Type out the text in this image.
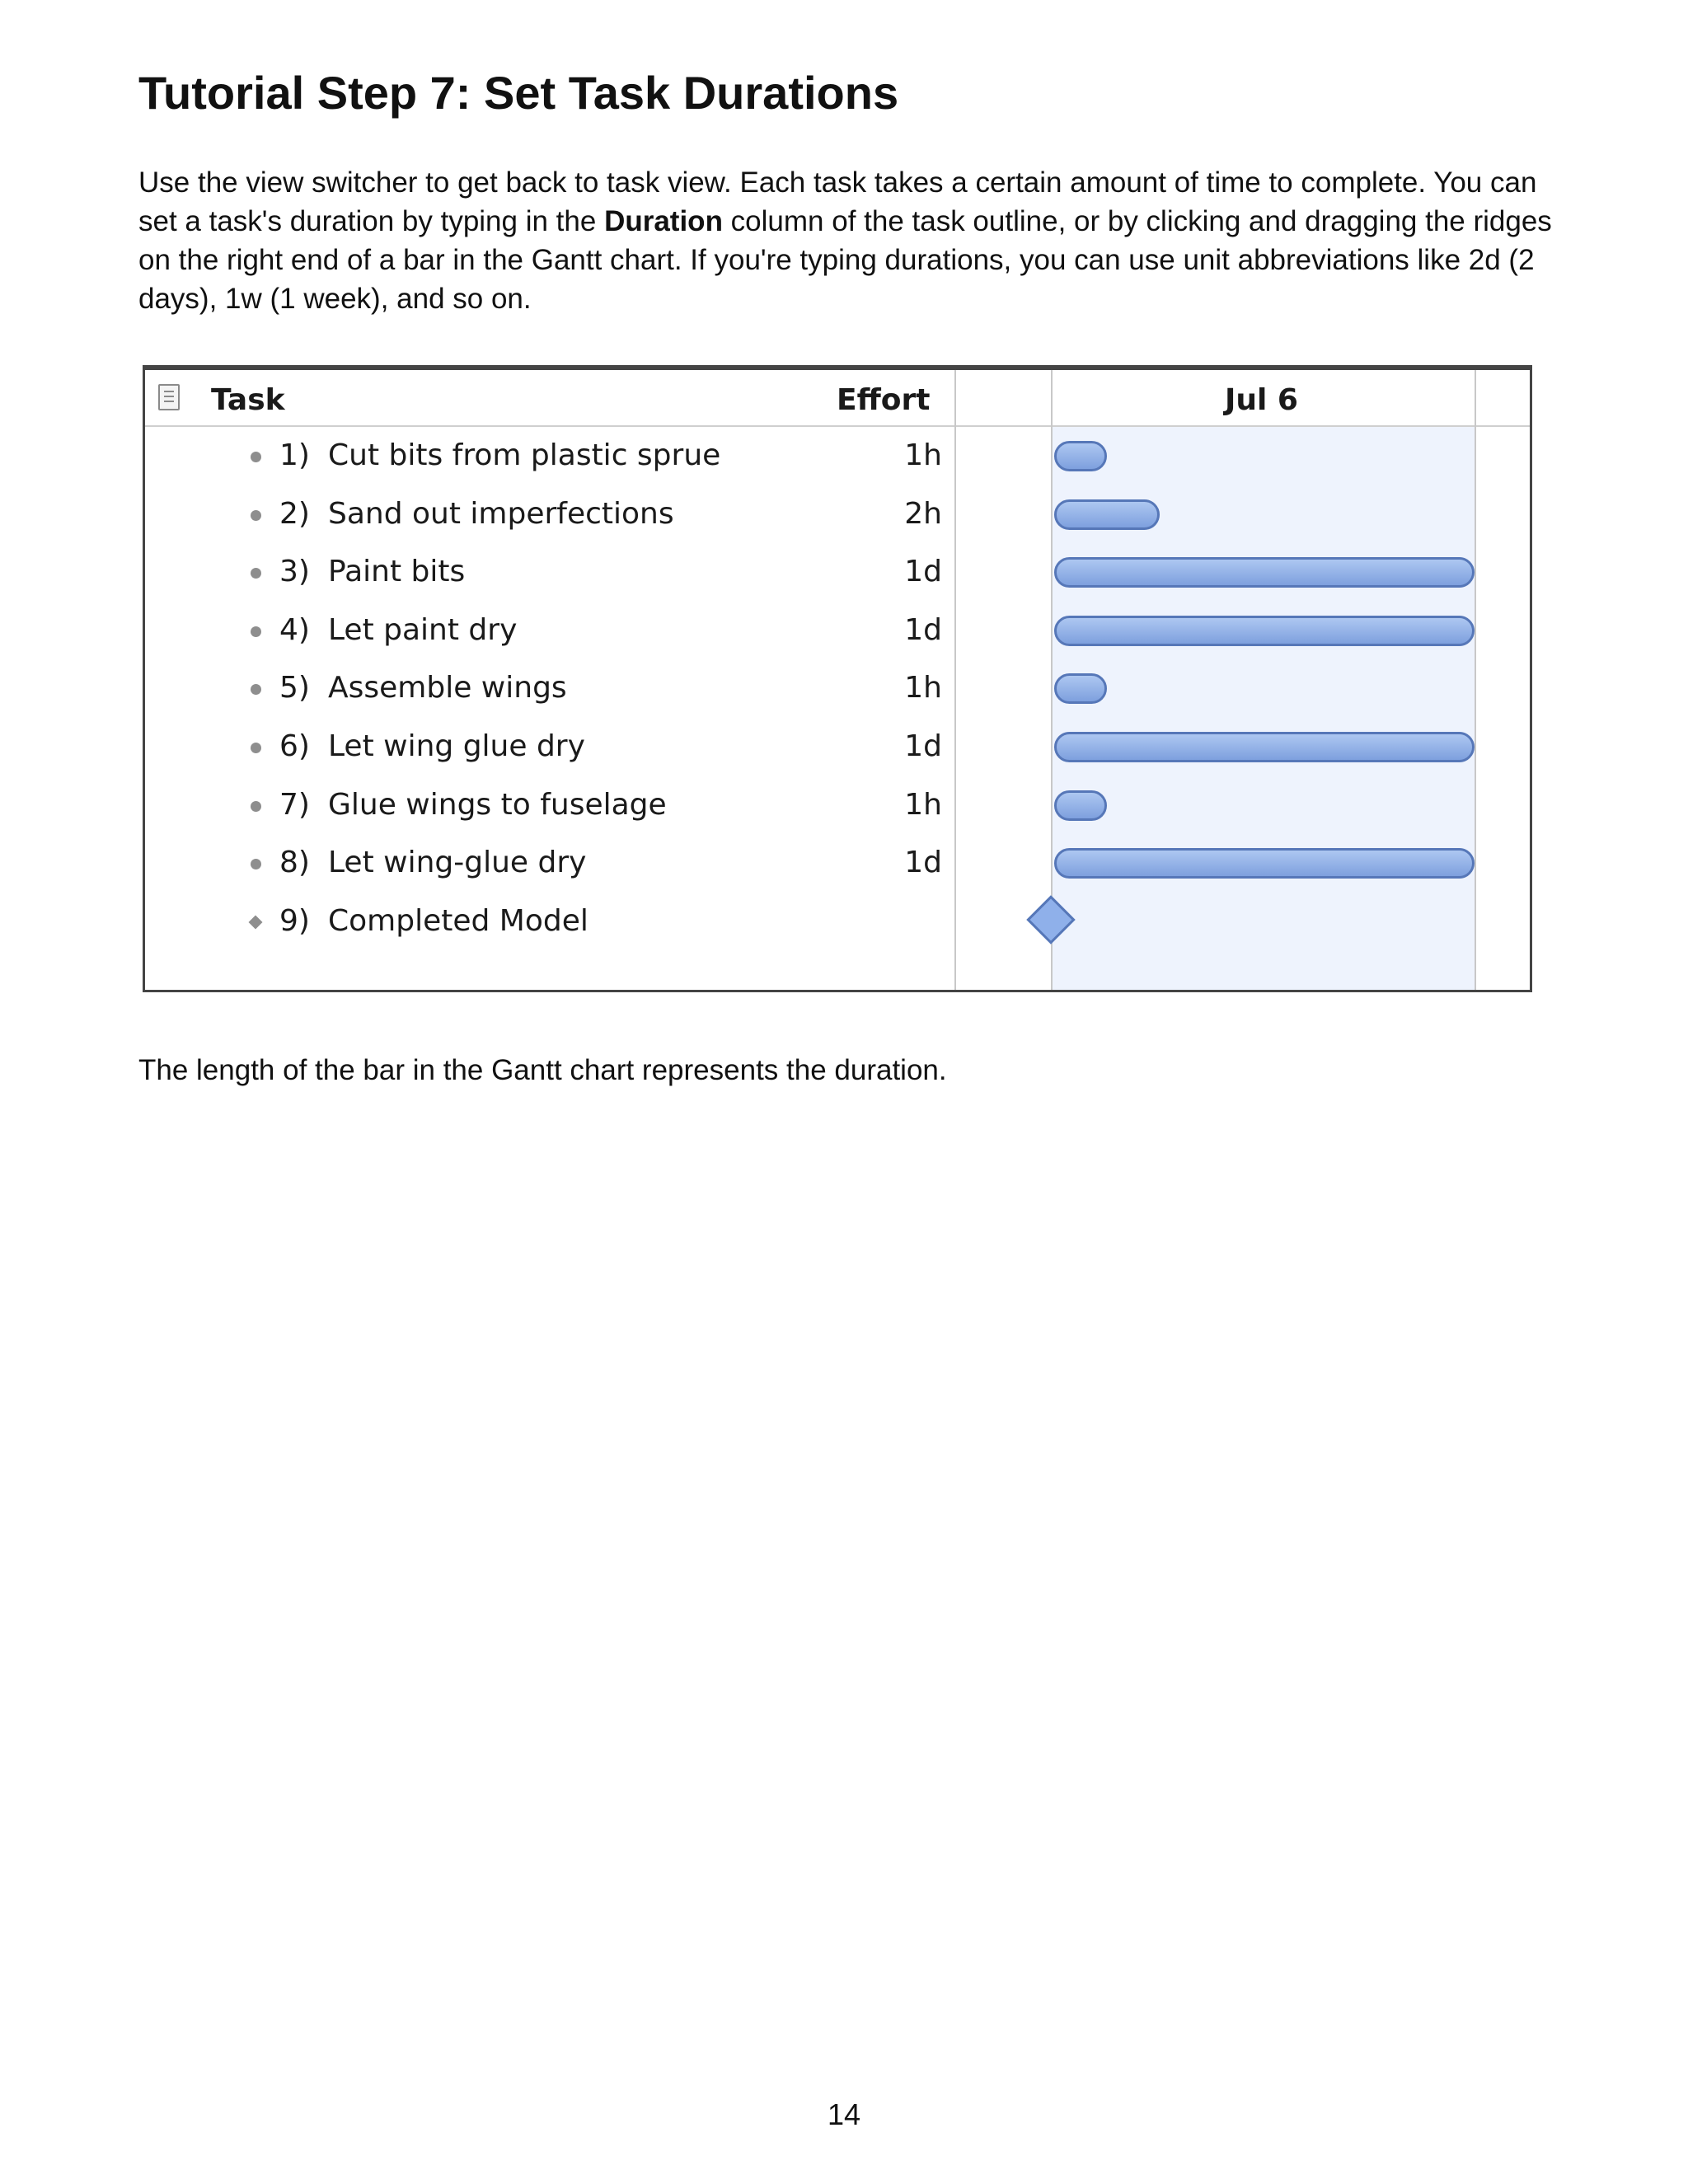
Tutorial Step 7: Set Task Durations

Use the view switcher to get back to task view. Each task takes a certain amount of time to complete. You can set a task's duration by typing in the Duration column of the task outline, or by clicking and dragging the ridges on the right end of a bar in the Gantt chart. If you're typing durations, you can use unit abbreviations like 2d (2 days), 1w (1 week), and so on.

Task	Effort	Jul 6
1) Cut bits from plastic sprue	1h
2) Sand out imperfections	2h
3) Paint bits	1d
4) Let paint dry	1d
5) Assemble wings	1h
6) Let wing glue dry	1d
7) Glue wings to fuselage	1h
8) Let wing-glue dry	1d
9) Completed Model

The length of the bar in the Gantt chart represents the duration.

14
